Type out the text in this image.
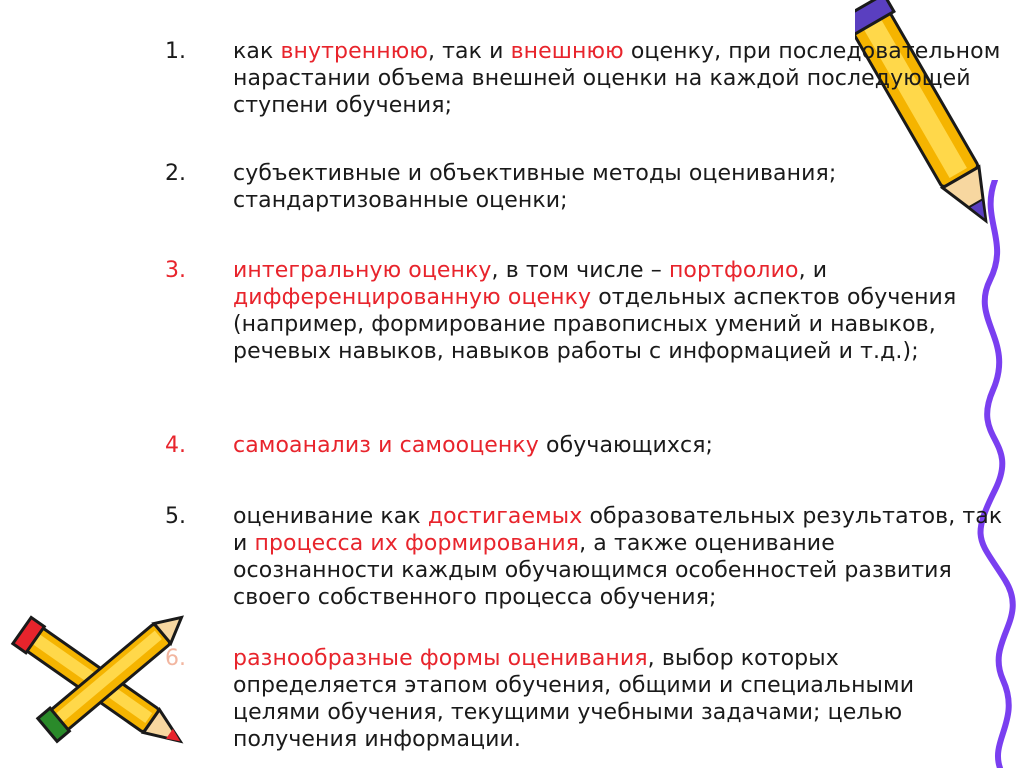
1. как внутреннюю, так и внешнюю оценку, при последовательном нарастании объема внешней оценки на каждой последующей ступени обучения;
2. субъективные и объективные методы оценивания; стандартизованные оценки;
3. интегральную оценку, в том числе – портфолио, и дифференцированную оценку отдельных аспектов обучения (например, формирование правописных умений и навыков, речевых навыков, навыков работы с информацией и т.д.);
4. самоанализ и самооценку обучающихся;
5. оценивание как достигаемых образовательных результатов, так и процесса их формирования, а также оценивание осознанности каждым обучающимся особенностей развития своего собственного процесса обучения;
6. разнообразные формы оценивания, выбор которых определяется этапом обучения, общими и специальными целями обучения, текущими учебными задачами; целью получения информации.
